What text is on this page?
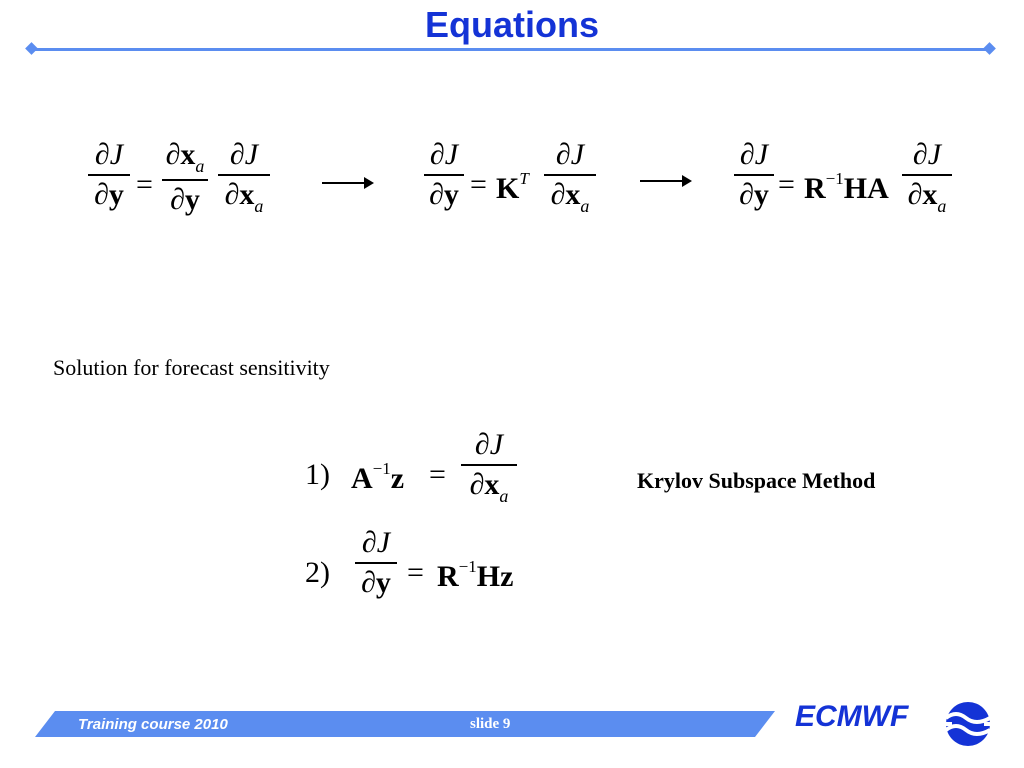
Equations
∂J
∂y =
$\partial x_a$
∂y
∂J
$\partial x_a$
∂J
$\partial y = K^T$
∂J
$\partial x_a$
∂J
$\partial y = R^{-1}HA$
∂J
$\partial x_a$
Solution for forecast sensitivity
1) $A^{-1}z$ =
∂J
$\partial x_a$
Krylov Subspace Method
2)
∂J
$\partial y = R^{-1}Hz$
Training course 2010	slide 9	ECMWF
